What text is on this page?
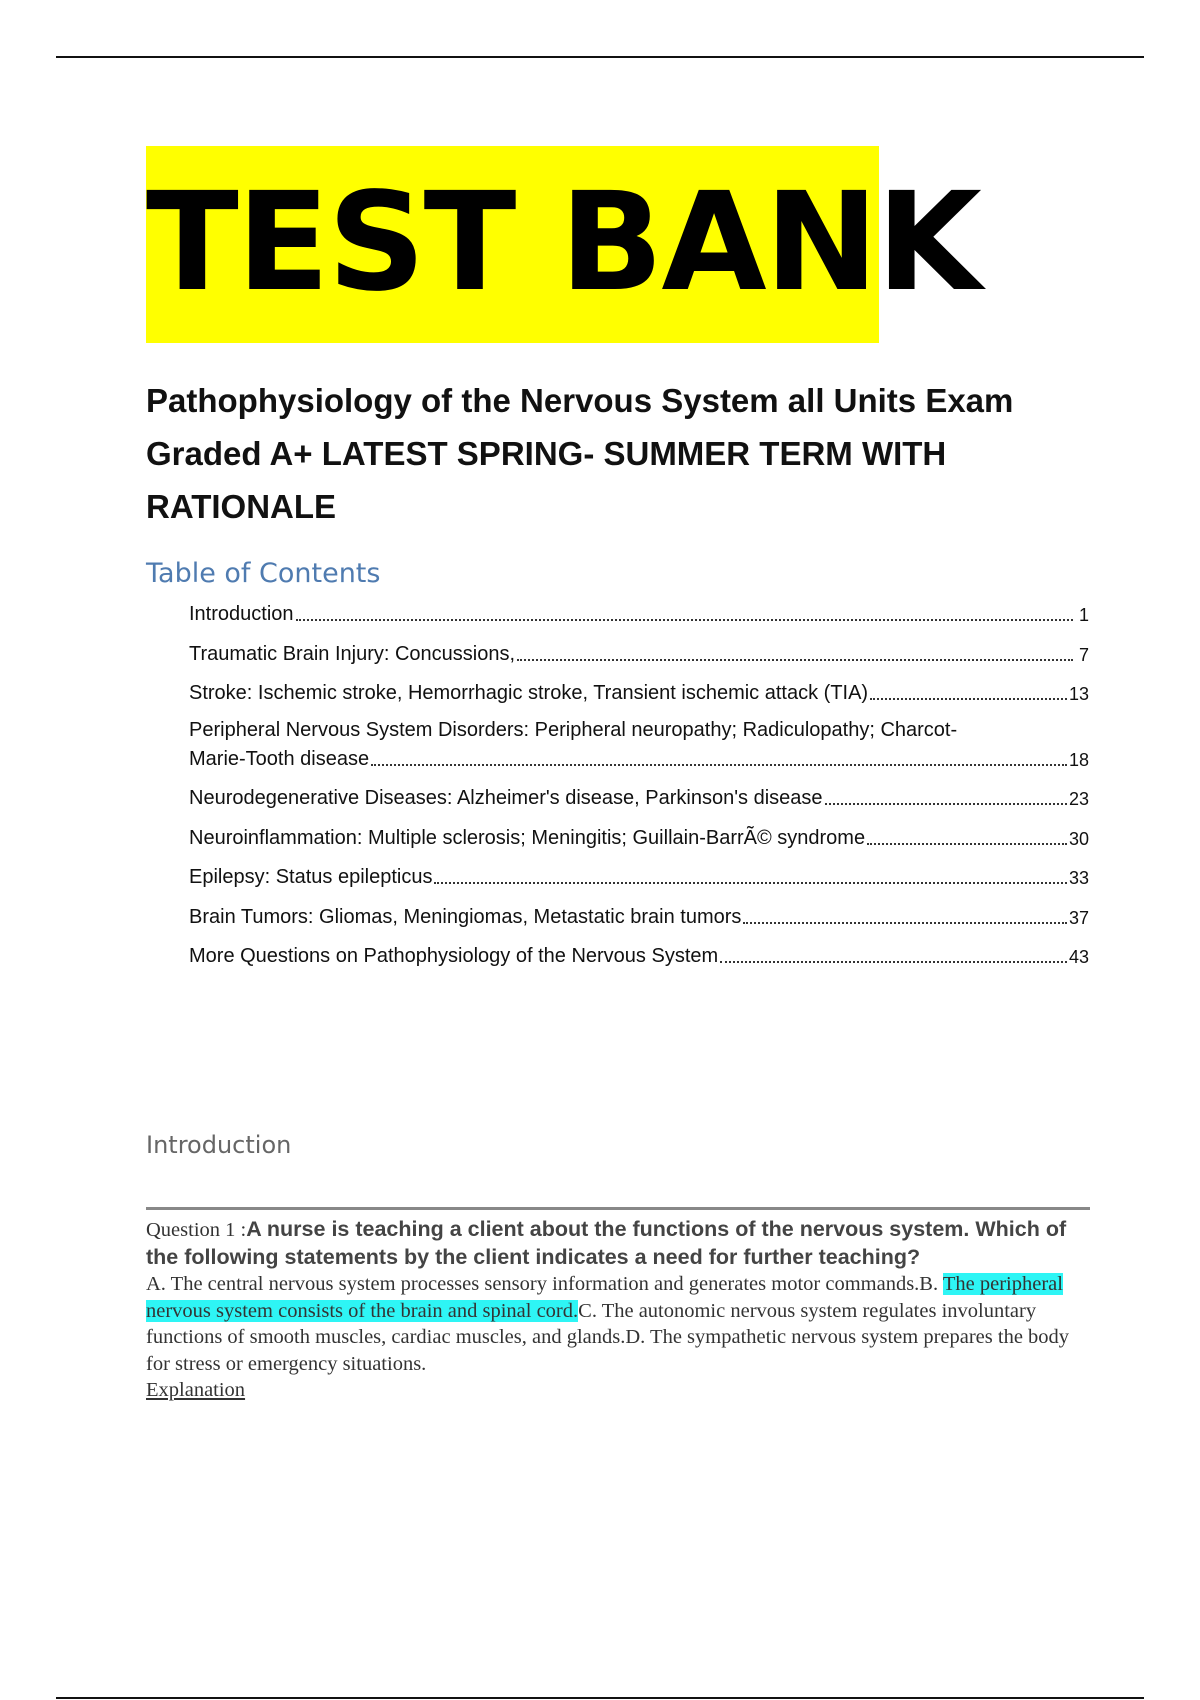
TEST BANK
Pathophysiology of the Nervous System all Units Exam Graded A+ LATEST SPRING- SUMMER TERM WITH RATIONALE
Table of Contents
Introduction	1
Traumatic Brain Injury: Concussions,	7
Stroke: Ischemic stroke, Hemorrhagic stroke, Transient ischemic attack (TIA)	13
Peripheral Nervous System Disorders: Peripheral neuropathy; Radiculopathy; Charcot-
Marie-Tooth disease	18
Neurodegenerative Diseases: Alzheimer's disease, Parkinson's disease	23
Neuroinflammation: Multiple sclerosis; Meningitis; Guillain-BarrÃ© syndrome	30
Epilepsy: Status epilepticus	33
Brain Tumors: Gliomas, Meningiomas, Metastatic brain tumors	37
More Questions on Pathophysiology of the Nervous System	43
Introduction
Question 1 :A nurse is teaching a client about the functions of the nervous system. Which of the following statements by the client indicates a need for further teaching?
A. The central nervous system processes sensory information and generates motor commands.B. The peripheral nervous system consists of the brain and spinal cord.C. The autonomic nervous system regulates involuntary functions of smooth muscles, cardiac muscles, and glands.D. The sympathetic nervous system prepares the body for stress or emergency situations.
Explanation
